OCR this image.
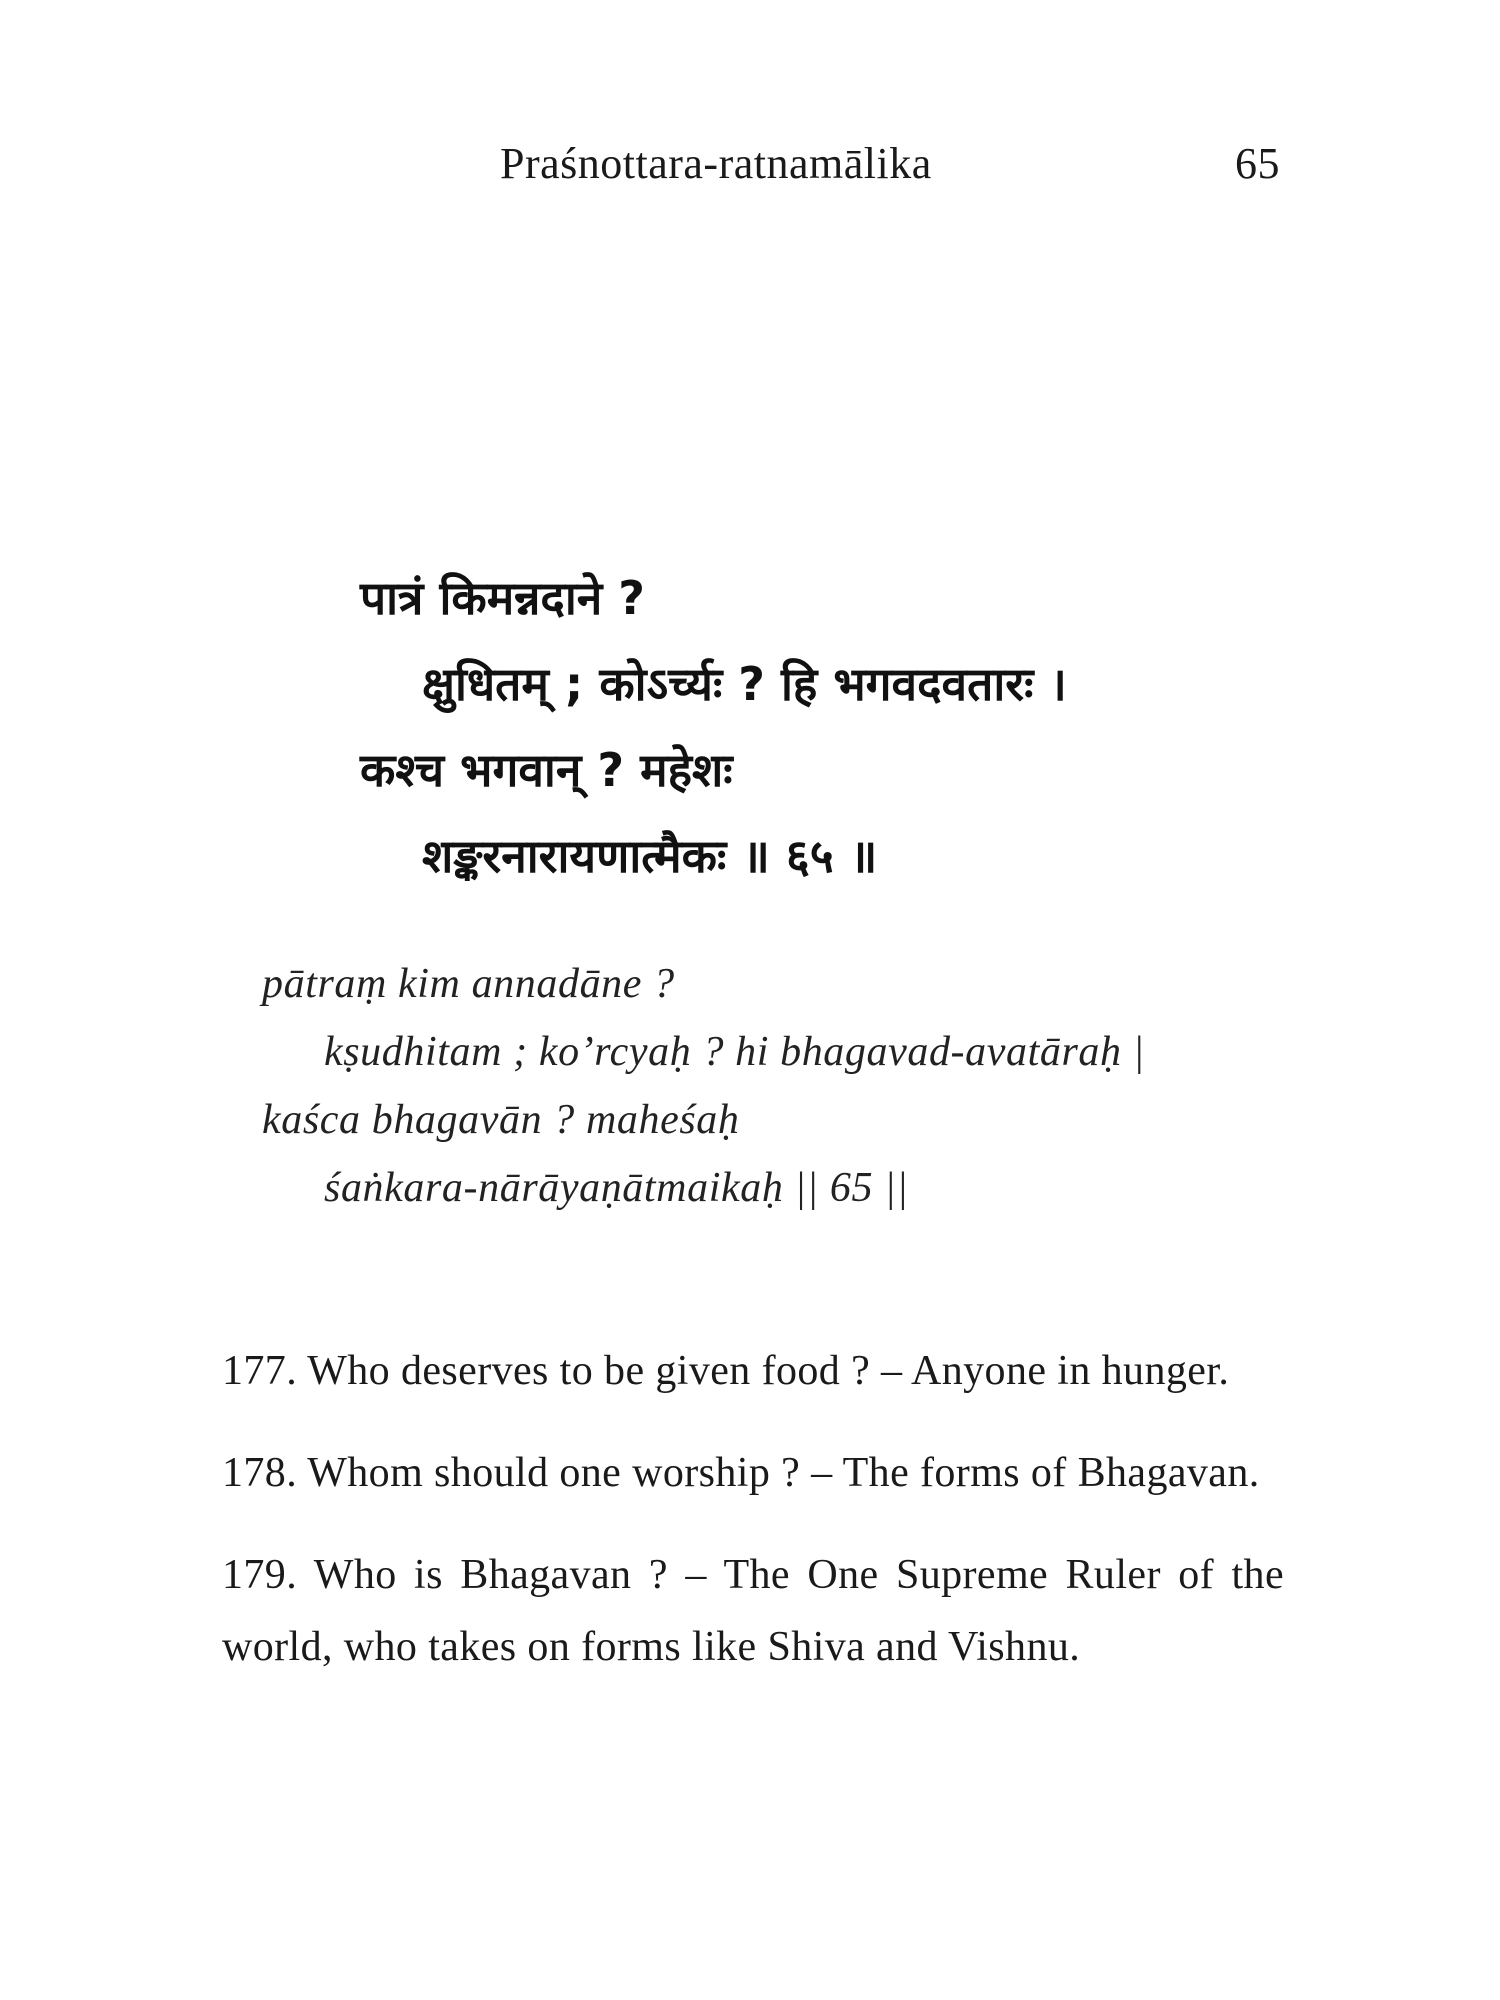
Praśnottara-ratnamālika	65
पात्रं किमन्नदाने ?
क्षुधितम् ; कोऽर्च्यः ? हि भगवदवतारः ।
कश्च भगवान् ? महेशः
शङ्करनारायणात्मैकः ॥ ६५ ॥
pātraṃ kim annadāne ?
kṣudhitam ; ko’rcyaḥ ? hi bhagavad-avatāraḥ |
kaśca bhagavān ? maheśaḥ
śaṅkara-nārāyaṇātmaikaḥ || 65 ||

177. Who deserves to be given food ? – Anyone in hunger.

178. Whom should one worship ? – The forms of Bhagavan.

179. Who is Bhagavan ? – The One Supreme Ruler of the world, who takes on forms like Shiva and Vishnu.
